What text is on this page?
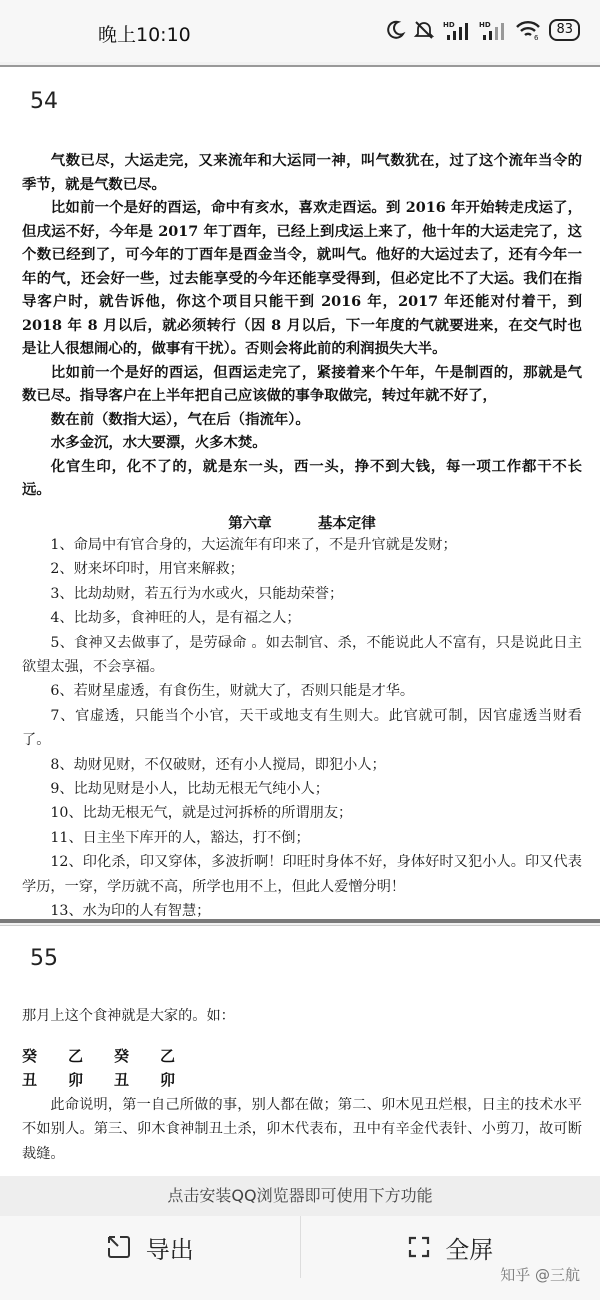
晚上10:10	HD	HD
6
83
54

气数已尽，大运走完，又来流年和大运同一神，叫气数犹在，过了这个流年当令的季节，就是气数已尽。

比如前一个是好的酉运，命中有亥水，喜欢走酉运。到 2016 年开始转走戌运了，但戌运不好，今年是 2017 年丁酉年，已经上到戌运上来了，他十年的大运走完了，这个数已经到了，可今年的丁酉年是酉金当令，就叫气。他好的大运过去了，还有今年一年的气，还会好一些，过去能享受的今年还能享受得到，但必定比不了大运。我们在指导客户时，就告诉他，你这个项目只能干到 2016 年，2017 年还能对付着干，到 2018 年 8 月以后，就必须转行（因 8 月以后，下一年度的气就要进来，在交气时也是让人很想闹心的，做事有干扰）。否则会将此前的利润损失大半。

比如前一个是好的酉运，但酉运走完了，紧接着来个午年，午是制酉的，那就是气数已尽。指导客户在上半年把自己应该做的事争取做完，转过年就不好了，

数在前（数指大运），气在后（指流年）。

水多金沉，水大要漂，火多木焚。

化官生印，化不了的，就是东一头，西一头，挣不到大钱，每一项工作都干不长远。

第六章	基本定律

1、命局中有官合身的，大运流年有印来了，不是升官就是发财；

2、财来坏印时，用官来解救；

3、比劫劫财，若五行为水或火，只能劫荣誉；

4、比劫多，食神旺的人，是有福之人；

5、食神又去做事了，是劳碌命 。如去制官、杀，不能说此人不富有，只是说此日主欲望太强，不会享福。

6、若财星虚透，有食伤生，财就大了，否则只能是才华。

7、官虚透，只能当个小官，天干或地支有生则大。此官就可制，因官虚透当财看了。

8、劫财见财，不仅破财，还有小人搅局，即犯小人；

9、比劫见财是小人，比劫无根无气纯小人；

10、比劫无根无气，就是过河拆桥的所谓朋友；

11、日主坐下库开的人，豁达，打不倒；

12、印化杀，印又穿体，多波折啊！印旺时身体不好，身体好时又犯小人。印又代表学历，一穿，学历就不高，所学也用不上，但此人爱憎分明！

13、水为印的人有智慧；

55
那月上这个食神就是大家的。如：
癸	乙	癸	乙
丑	卯	丑	卯

此命说明，第一自己所做的事，别人都在做；第二、卯木见丑烂根，日主的技术水平不如别人。第三、卯木食神制丑土杀，卯木代表布，丑中有辛金代表针、小剪刀，故可断裁缝。

点击安装QQ浏览器即可使用下方功能
导出	全屏
知乎 @三航
